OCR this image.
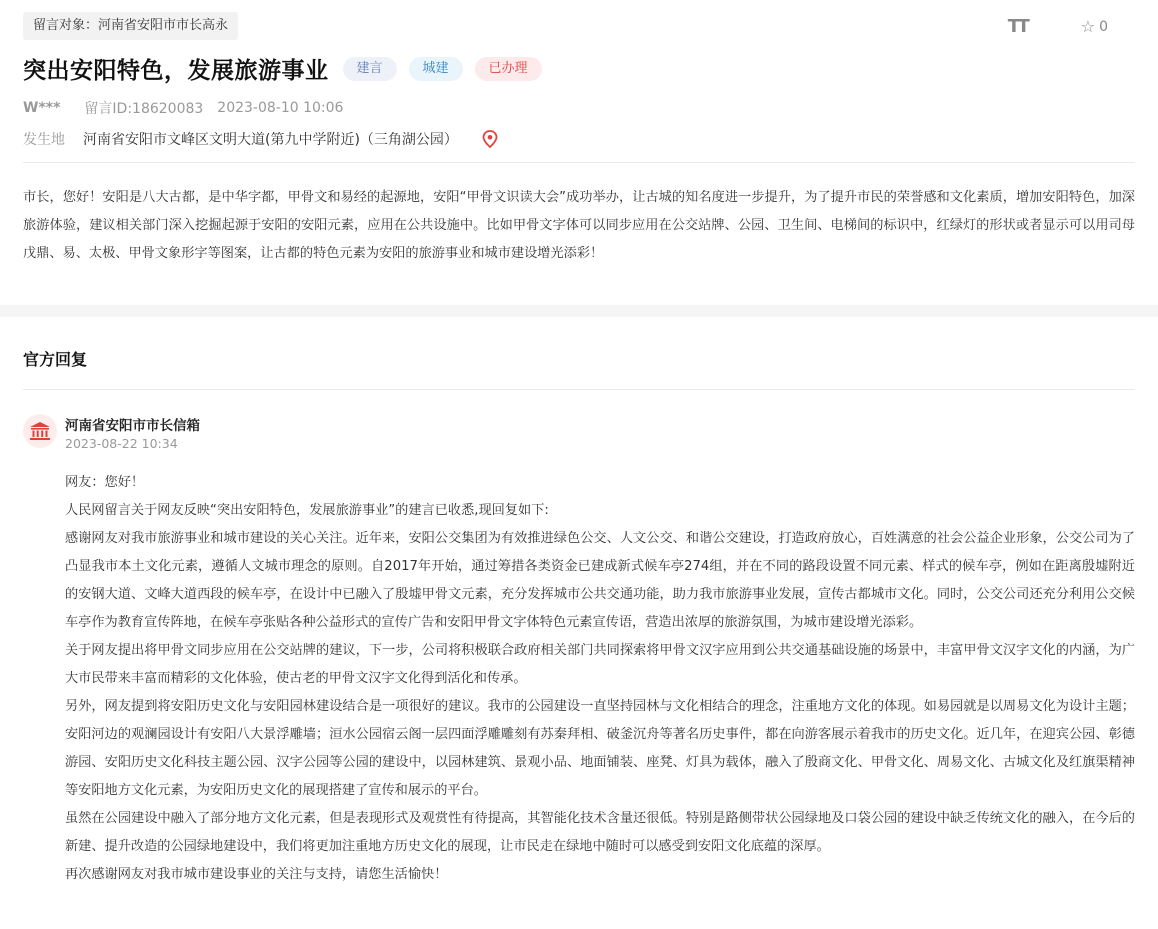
留言对象：河南省安阳市市长高永	TT	☆ 0
突出安阳特色，发展旅游事业	建言	城建	已办理
W*** 留言ID:18620083 2023-08-10 10:06
发生地 河南省安阳市文峰区文明大道(第九中学附近)（三角湖公园）
市长，您好！安阳是八大古都，是中华字都，甲骨文和易经的起源地，安阳“甲骨文识读大会”成功举办，让古城的知名度进一步提升，为了提升市民的荣誉感和文化素质，增加安阳特色，加深旅游体验，建议相关部门深入挖掘起源于安阳的安阳元素，应用在公共设施中。比如甲骨文字体可以同步应用在公交站牌、公园、卫生间、电梯间的标识中，红绿灯的形状或者显示可以用司母戊鼎、易、太极、甲骨文象形字等图案，让古都的特色元素为安阳的旅游事业和城市建设增光添彩！
官方回复
河南省安阳市市长信箱
2023-08-22 10:34

网友：您好！

人民网留言关于网友反映“突出安阳特色，发展旅游事业”的建言已收悉,现回复如下:

感谢网友对我市旅游事业和城市建设的关心关注。近年来，安阳公交集团为有效推进绿色公交、人文公交、和谐公交建设，打造政府放心，百姓满意的社会公益企业形象，公交公司为了凸显我市本土文化元素，遵循人文城市理念的原则。自2017年开始，通过筹措各类资金已建成新式候车亭274组，并在不同的路段设置不同元素、样式的候车亭，例如在距离殷墟附近的安钢大道、文峰大道西段的候车亭，在设计中已融入了殷墟甲骨文元素，充分发挥城市公共交通功能，助力我市旅游事业发展，宣传古都城市文化。同时，公交公司还充分利用公交候车亭作为教育宣传阵地，在候车亭张贴各种公益形式的宣传广告和安阳甲骨文字体特色元素宣传语，营造出浓厚的旅游氛围，为城市建设增光添彩。

关于网友提出将甲骨文同步应用在公交站牌的建议，下一步，公司将积极联合政府相关部门共同探索将甲骨文汉字应用到公共交通基础设施的场景中，丰富甲骨文汉字文化的内涵，为广大市民带来丰富而精彩的文化体验，使古老的甲骨文汉字文化得到活化和传承。

另外，网友提到将安阳历史文化与安阳园林建设结合是一项很好的建议。我市的公园建设一直坚持园林与文化相结合的理念，注重地方文化的体现。如易园就是以周易文化为设计主题；安阳河边的观澜园设计有安阳八大景浮雕墙；洹水公园宿云阁一层四面浮雕雕刻有苏秦拜相、破釜沉舟等著名历史事件，都在向游客展示着我市的历史文化。近几年，在迎宾公园、彰德游园、安阳历史文化科技主题公园、汉字公园等公园的建设中，以园林建筑、景观小品、地面铺装、座凳、灯具为载体，融入了殷商文化、甲骨文化、周易文化、古城文化及红旗渠精神等安阳地方文化元素，为安阳历史文化的展现搭建了宣传和展示的平台。

虽然在公园建设中融入了部分地方文化元素，但是表现形式及观赏性有待提高，其智能化技术含量还很低。特别是路侧带状公园绿地及口袋公园的建设中缺乏传统文化的融入，在今后的新建、提升改造的公园绿地建设中，我们将更加注重地方历史文化的展现，让市民走在绿地中随时可以感受到安阳文化底蕴的深厚。

再次感谢网友对我市城市建设事业的关注与支持，请您生活愉快！
